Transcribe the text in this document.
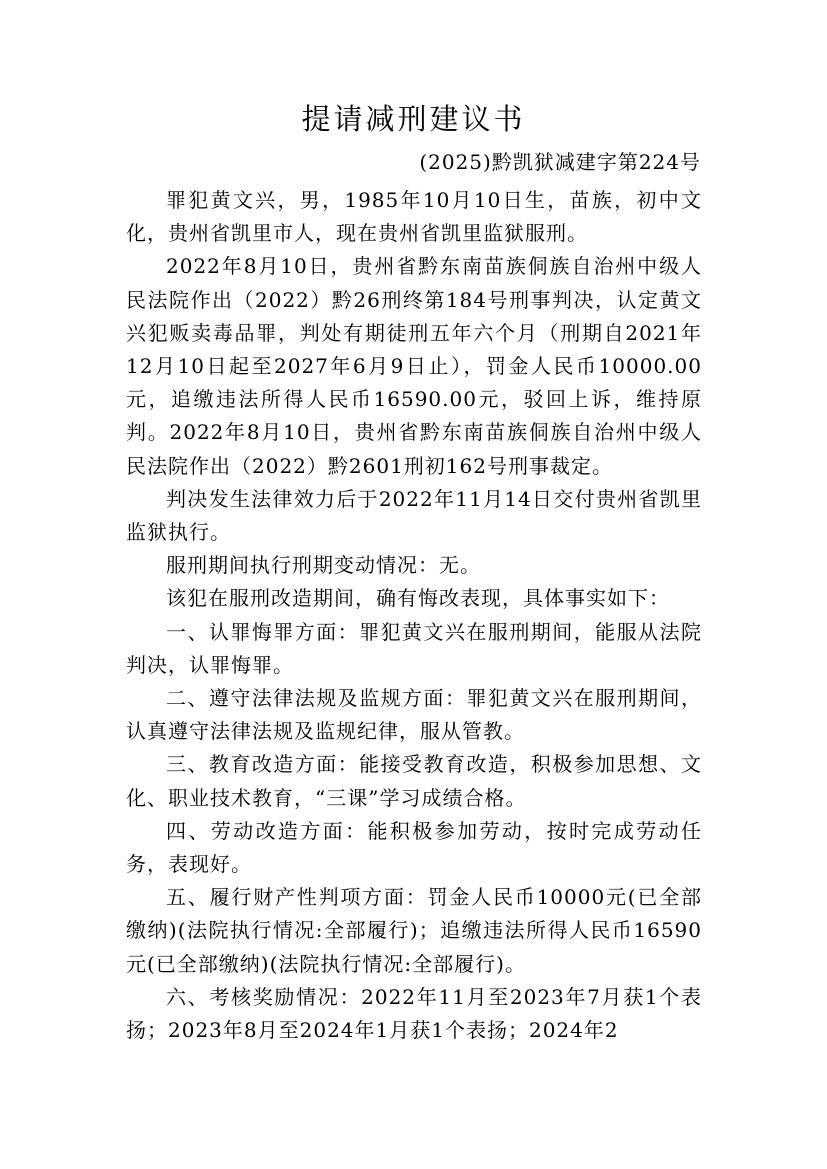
提请减刑建议书
(2025)黔凯狱减建字第224号

罪犯黄文兴，男，1985年10月10日生，苗族，初中文化，贵州省凯里市人，现在贵州省凯里监狱服刑。

2022年8月10日，贵州省黔东南苗族侗族自治州中级人民法院作出（2022）黔26刑终第184号刑事判决，认定黄文兴犯贩卖毒品罪，判处有期徒刑五年六个月（刑期自2021年12月10日起至2027年6月9日止），罚金人民币10000.00元，追缴违法所得人民币16590.00元，驳回上诉，维持原判。2022年8月10日，贵州省黔东南苗族侗族自治州中级人民法院作出（2022）黔2601刑初162号刑事裁定。

判决发生法律效力后于2022年11月14日交付贵州省凯里监狱执行。

服刑期间执行刑期变动情况：无。

该犯在服刑改造期间，确有悔改表现，具体事实如下：

一、认罪悔罪方面：罪犯黄文兴在服刑期间，能服从法院判决，认罪悔罪。

二、遵守法律法规及监规方面：罪犯黄文兴在服刑期间，认真遵守法律法规及监规纪律，服从管教。

三、教育改造方面：能接受教育改造，积极参加思想、文化、职业技术教育，“三课”学习成绩合格。

四、劳动改造方面：能积极参加劳动，按时完成劳动任务，表现好。

五、履行财产性判项方面：罚金人民币10000元(已全部缴纳)(法院执行情况:全部履行)；追缴违法所得人民币16590元(已全部缴纳)(法院执行情况:全部履行)。

六、考核奖励情况：2022年11月至2023年7月获1个表扬；2023年8月至2024年1月获1个表扬；2024年2
